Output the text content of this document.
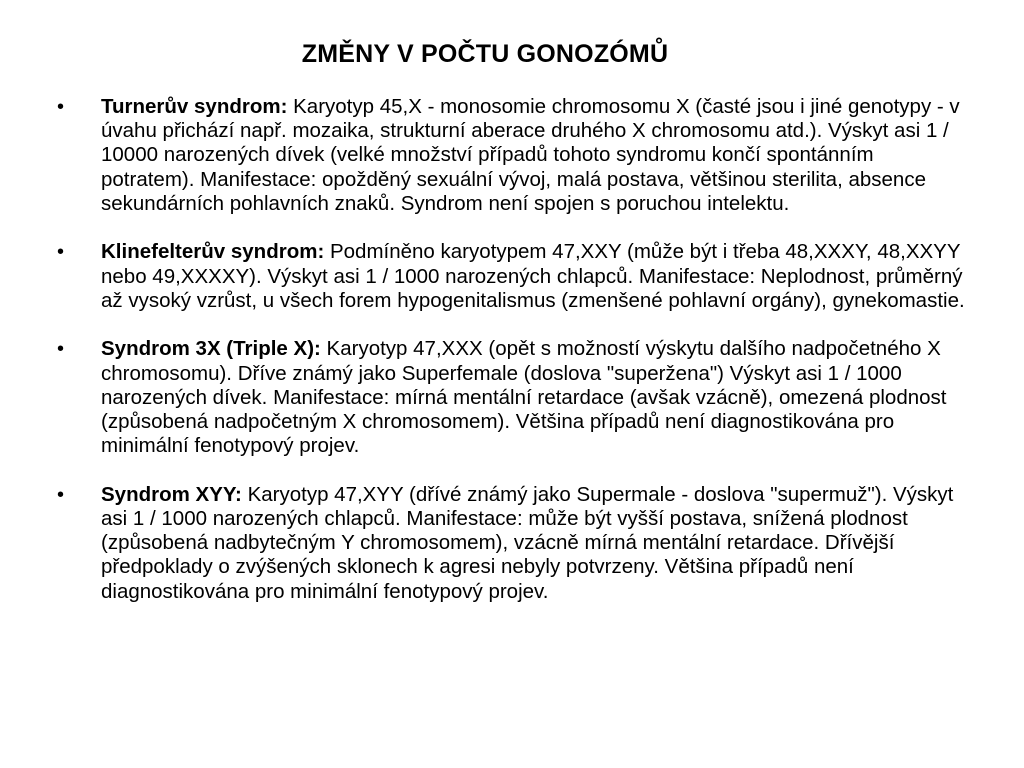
ZMĚNY V POČTU GONOZÓMŮ
•	Turnerův syndrom: Karyotyp 45,X - monosomie chromosomu X (časté jsou i jiné genotypy - v úvahu přichází např. mozaika, strukturní aberace druhého X chromosomu atd.). Výskyt asi 1 / 10000 narozených dívek (velké množství případů tohoto syndromu končí spontánním potratem). Manifestace: opožděný sexuální vývoj, malá postava, většinou sterilita, absence sekundárních pohlavních znaků. Syndrom není spojen s poruchou intelektu.
•	Klinefelterův syndrom: Podmíněno karyotypem 47,XXY (může být i třeba 48,XXXY, 48,XXYY nebo 49,XXXXY). Výskyt asi 1 / 1000 narozených chlapců. Manifestace: Neplodnost, průměrný až vysoký vzrůst, u všech forem hypogenitalismus (zmenšené pohlavní orgány), gynekomastie.
•	Syndrom 3X (Triple X): Karyotyp 47,XXX (opět s možností výskytu dalšího nadpočetného X chromosomu). Dříve známý jako Superfemale (doslova "superžena") Výskyt asi 1 / 1000 narozených dívek. Manifestace: mírná mentální retardace (avšak vzácně), omezená plodnost (způsobená nadpočetným X chromosomem). Většina případů není diagnostikována pro minimální fenotypový projev.
•	Syndrom XYY: Karyotyp 47,XYY (dřívé známý jako Supermale - doslova "supermuž"). Výskyt asi 1 / 1000 narozených chlapců. Manifestace: může být vyšší postava, snížená plodnost (způsobená nadbytečným Y chromosomem), vzácně mírná mentální retardace. Dřívější předpoklady o zvýšených sklonech k agresi nebyly potvrzeny. Většina případů není diagnostikována pro minimální fenotypový projev.
